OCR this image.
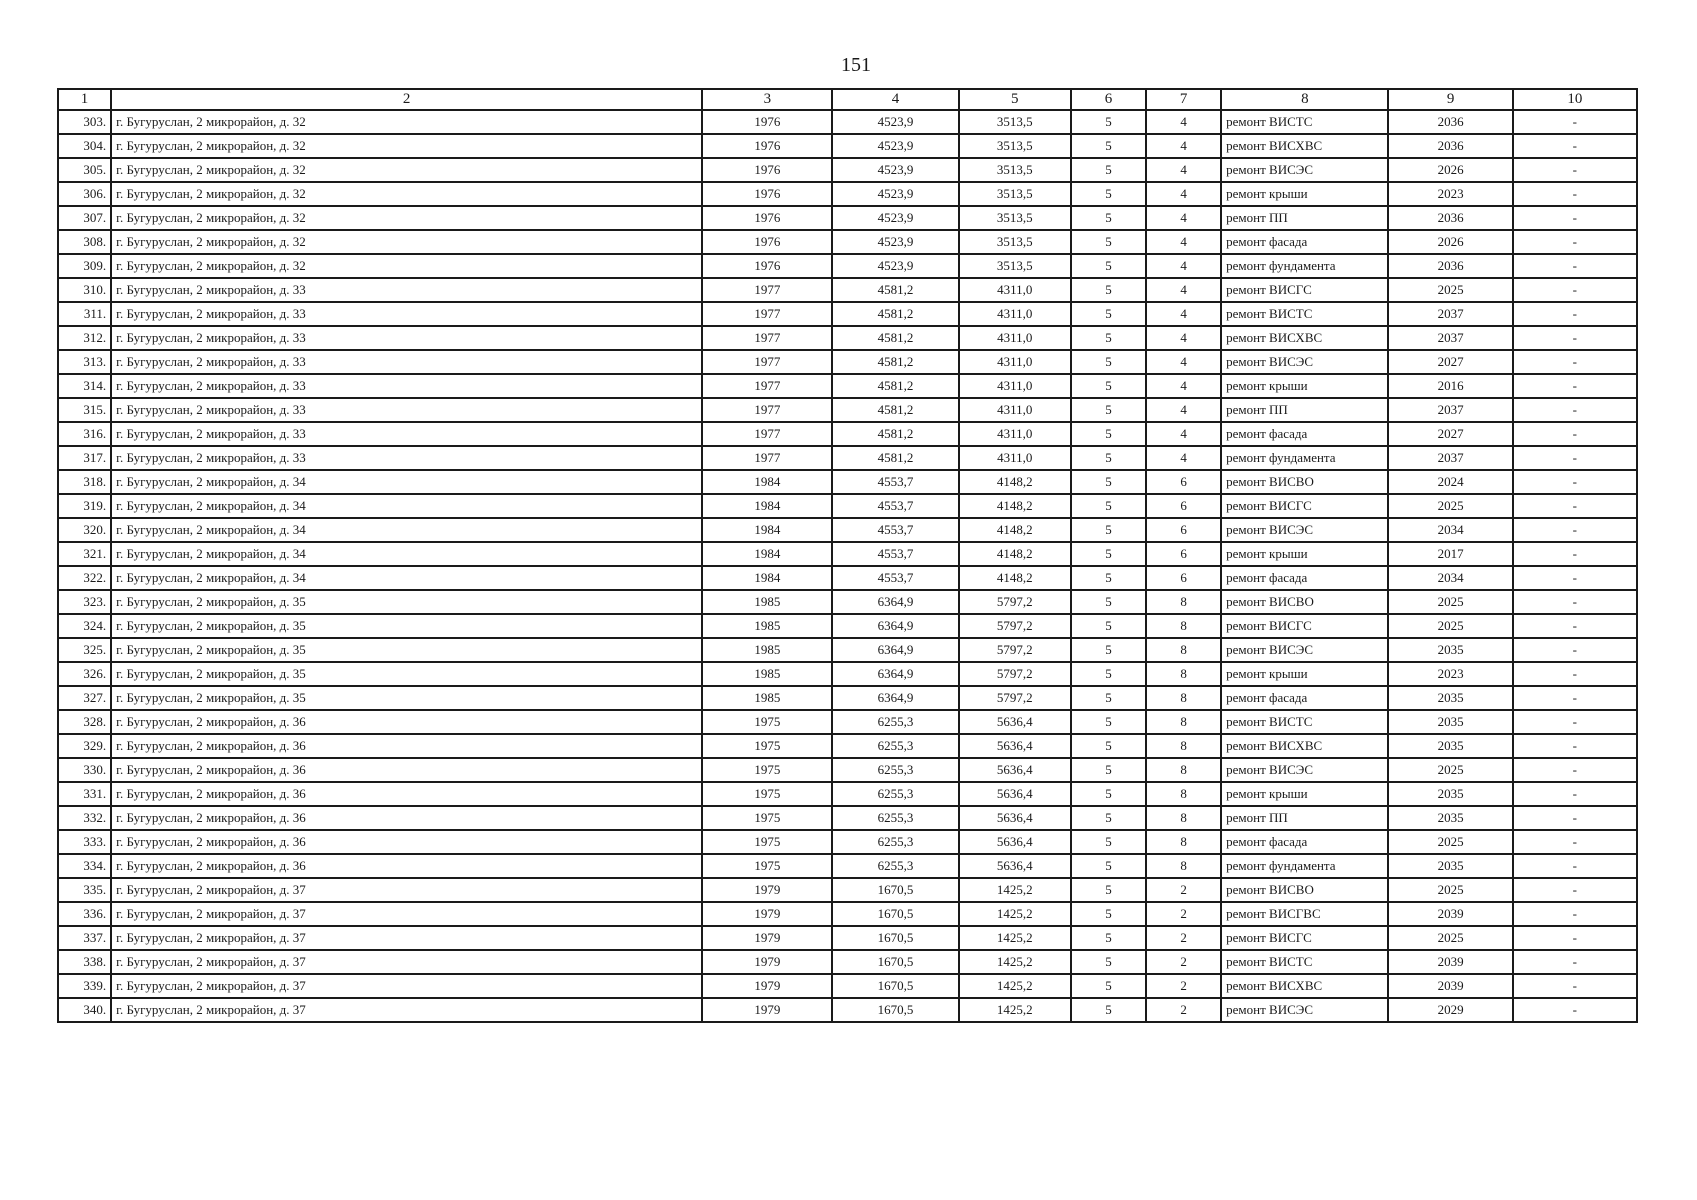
151
1	2	3	4	5	6	7	8	9	10
303.	г. Бугуруслан, 2 микрорайон, д. 32	1976	4523,9	3513,5	5	4	ремонт ВИСТС	2036	-
304.	г. Бугуруслан, 2 микрорайон, д. 32	1976	4523,9	3513,5	5	4	ремонт ВИСХВС	2036	-
305.	г. Бугуруслан, 2 микрорайон, д. 32	1976	4523,9	3513,5	5	4	ремонт ВИСЭС	2026	-
306.	г. Бугуруслан, 2 микрорайон, д. 32	1976	4523,9	3513,5	5	4	ремонт крыши	2023	-
307.	г. Бугуруслан, 2 микрорайон, д. 32	1976	4523,9	3513,5	5	4	ремонт ПП	2036	-
308.	г. Бугуруслан, 2 микрорайон, д. 32	1976	4523,9	3513,5	5	4	ремонт фасада	2026	-
309.	г. Бугуруслан, 2 микрорайон, д. 32	1976	4523,9	3513,5	5	4	ремонт фундамента	2036	-
310.	г. Бугуруслан, 2 микрорайон, д. 33	1977	4581,2	4311,0	5	4	ремонт ВИСГС	2025	-
311.	г. Бугуруслан, 2 микрорайон, д. 33	1977	4581,2	4311,0	5	4	ремонт ВИСТС	2037	-
312.	г. Бугуруслан, 2 микрорайон, д. 33	1977	4581,2	4311,0	5	4	ремонт ВИСХВС	2037	-
313.	г. Бугуруслан, 2 микрорайон, д. 33	1977	4581,2	4311,0	5	4	ремонт ВИСЭС	2027	-
314.	г. Бугуруслан, 2 микрорайон, д. 33	1977	4581,2	4311,0	5	4	ремонт крыши	2016	-
315.	г. Бугуруслан, 2 микрорайон, д. 33	1977	4581,2	4311,0	5	4	ремонт ПП	2037	-
316.	г. Бугуруслан, 2 микрорайон, д. 33	1977	4581,2	4311,0	5	4	ремонт фасада	2027	-
317.	г. Бугуруслан, 2 микрорайон, д. 33	1977	4581,2	4311,0	5	4	ремонт фундамента	2037	-
318.	г. Бугуруслан, 2 микрорайон, д. 34	1984	4553,7	4148,2	5	6	ремонт ВИСВО	2024	-
319.	г. Бугуруслан, 2 микрорайон, д. 34	1984	4553,7	4148,2	5	6	ремонт ВИСГС	2025	-
320.	г. Бугуруслан, 2 микрорайон, д. 34	1984	4553,7	4148,2	5	6	ремонт ВИСЭС	2034	-
321.	г. Бугуруслан, 2 микрорайон, д. 34	1984	4553,7	4148,2	5	6	ремонт крыши	2017	-
322.	г. Бугуруслан, 2 микрорайон, д. 34	1984	4553,7	4148,2	5	6	ремонт фасада	2034	-
323.	г. Бугуруслан, 2 микрорайон, д. 35	1985	6364,9	5797,2	5	8	ремонт ВИСВО	2025	-
324.	г. Бугуруслан, 2 микрорайон, д. 35	1985	6364,9	5797,2	5	8	ремонт ВИСГС	2025	-
325.	г. Бугуруслан, 2 микрорайон, д. 35	1985	6364,9	5797,2	5	8	ремонт ВИСЭС	2035	-
326.	г. Бугуруслан, 2 микрорайон, д. 35	1985	6364,9	5797,2	5	8	ремонт крыши	2023	-
327.	г. Бугуруслан, 2 микрорайон, д. 35	1985	6364,9	5797,2	5	8	ремонт фасада	2035	-
328.	г. Бугуруслан, 2 микрорайон, д. 36	1975	6255,3	5636,4	5	8	ремонт ВИСТС	2035	-
329.	г. Бугуруслан, 2 микрорайон, д. 36	1975	6255,3	5636,4	5	8	ремонт ВИСХВС	2035	-
330.	г. Бугуруслан, 2 микрорайон, д. 36	1975	6255,3	5636,4	5	8	ремонт ВИСЭС	2025	-
331.	г. Бугуруслан, 2 микрорайон, д. 36	1975	6255,3	5636,4	5	8	ремонт крыши	2035	-
332.	г. Бугуруслан, 2 микрорайон, д. 36	1975	6255,3	5636,4	5	8	ремонт ПП	2035	-
333.	г. Бугуруслан, 2 микрорайон, д. 36	1975	6255,3	5636,4	5	8	ремонт фасада	2025	-
334.	г. Бугуруслан, 2 микрорайон, д. 36	1975	6255,3	5636,4	5	8	ремонт фундамента	2035	-
335.	г. Бугуруслан, 2 микрорайон, д. 37	1979	1670,5	1425,2	5	2	ремонт ВИСВО	2025	-
336.	г. Бугуруслан, 2 микрорайон, д. 37	1979	1670,5	1425,2	5	2	ремонт ВИСГВС	2039	-
337.	г. Бугуруслан, 2 микрорайон, д. 37	1979	1670,5	1425,2	5	2	ремонт ВИСГС	2025	-
338.	г. Бугуруслан, 2 микрорайон, д. 37	1979	1670,5	1425,2	5	2	ремонт ВИСТС	2039	-
339.	г. Бугуруслан, 2 микрорайон, д. 37	1979	1670,5	1425,2	5	2	ремонт ВИСХВС	2039	-
340.	г. Бугуруслан, 2 микрорайон, д. 37	1979	1670,5	1425,2	5	2	ремонт ВИСЭС	2029	-
